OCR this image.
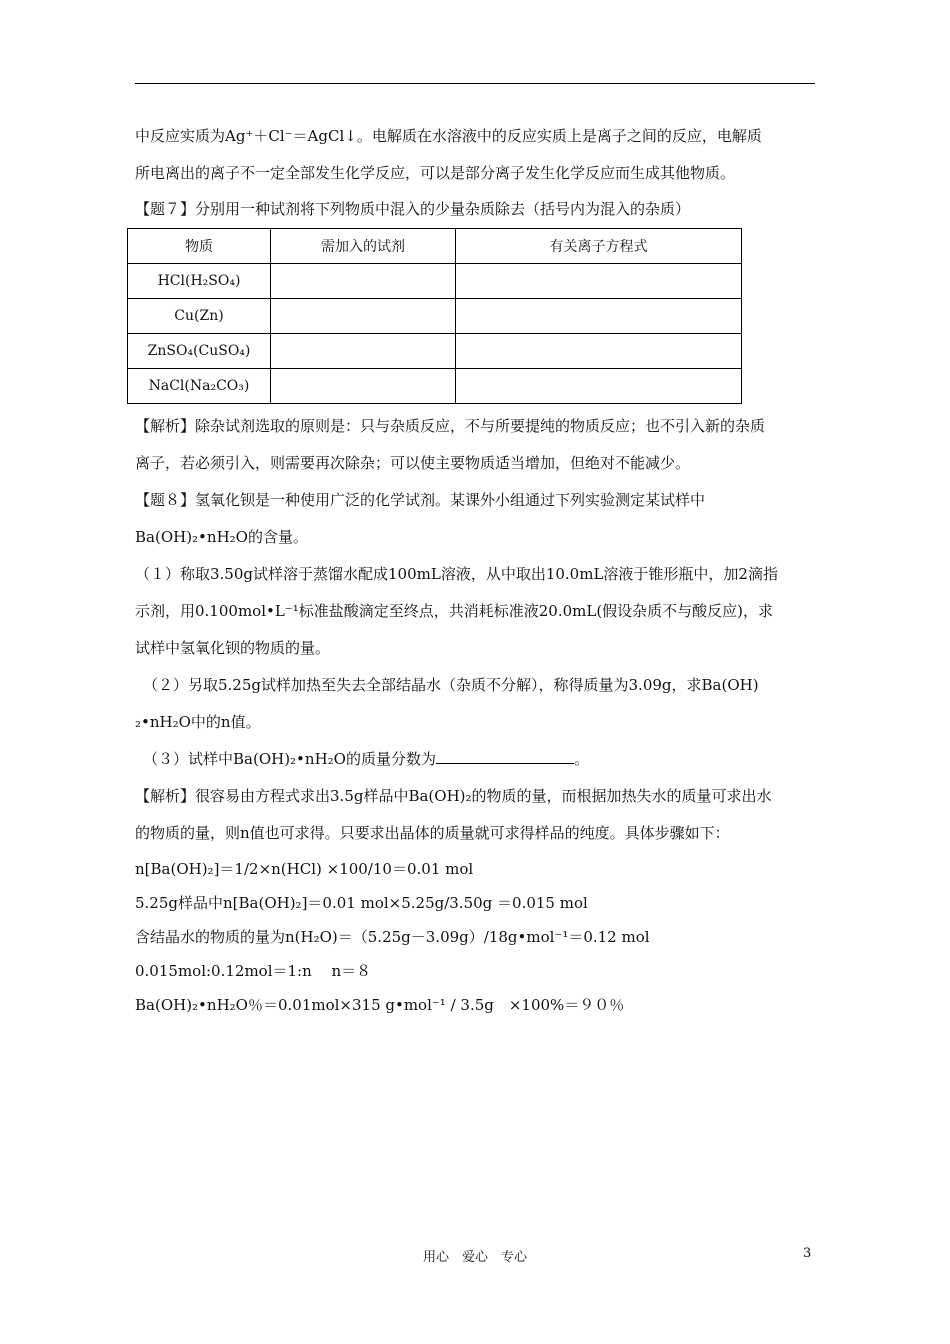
中反应实质为Ag⁺＋Cl⁻＝AgCl↓。电解质在水溶液中的反应实质上是离子之间的反应，电解质
所电离出的离子不一定全部发生化学反应，可以是部分离子发生化学反应而生成其他物质。
【题７】分别用一种试剂将下列物质中混入的少量杂质除去（括号内为混入的杂质）
物质	需加入的试剂	有关离子方程式
HCl(H₂SO₄)		
Cu(Zn)		
ZnSO₄(CuSO₄)		
NaCl(Na₂CO₃)		
【解析】除杂试剂选取的原则是：只与杂质反应，不与所要提纯的物质反应；也不引入新的杂质
离子，若必须引入，则需要再次除杂；可以使主要物质适当增加，但绝对不能减少。
【题８】氢氧化钡是一种使用广泛的化学试剂。某课外小组通过下列实验测定某试样中
Ba(OH)₂•nH₂O的含量。
（１）称取3.50g试样溶于蒸馏水配成100mL溶液，从中取出10.0mL溶液于锥形瓶中，加2滴指
示剂，用0.100mol•L⁻¹标准盐酸滴定至终点，共消耗标准液20.0mL(假设杂质不与酸反应)，求
试样中氢氧化钡的物质的量。
（２）另取5.25g试样加热至失去全部结晶水（杂质不分解），称得质量为3.09g，求Ba(OH)
₂•nH₂O中的n值。
（３）试样中Ba(OH)₂•nH₂O的质量分数为	。
【解析】很容易由方程式求出3.5g样品中Ba(OH)₂的物质的量，而根据加热失水的质量可求出水
的物质的量，则n值也可求得。只要求出晶体的质量就可求得样品的纯度。具体步骤如下：
n[Ba(OH)₂]＝1/2×n(HCl) ×100/10＝0.01 mol
5.25g样品中n[Ba(OH)₂]＝0.01 mol×5.25g/3.50g ＝0.015 mol
含结晶水的物质的量为n(H₂O)＝（5.25g－3.09g）/18g•mol⁻¹＝0.12 mol
0.015mol:0.12mol＝1:n　 n＝８
Ba(OH)₂•nH₂O％＝0.01mol×315 g•mol⁻¹ / 3.5g　×100%＝９０％
用心　爱心　专心	3
